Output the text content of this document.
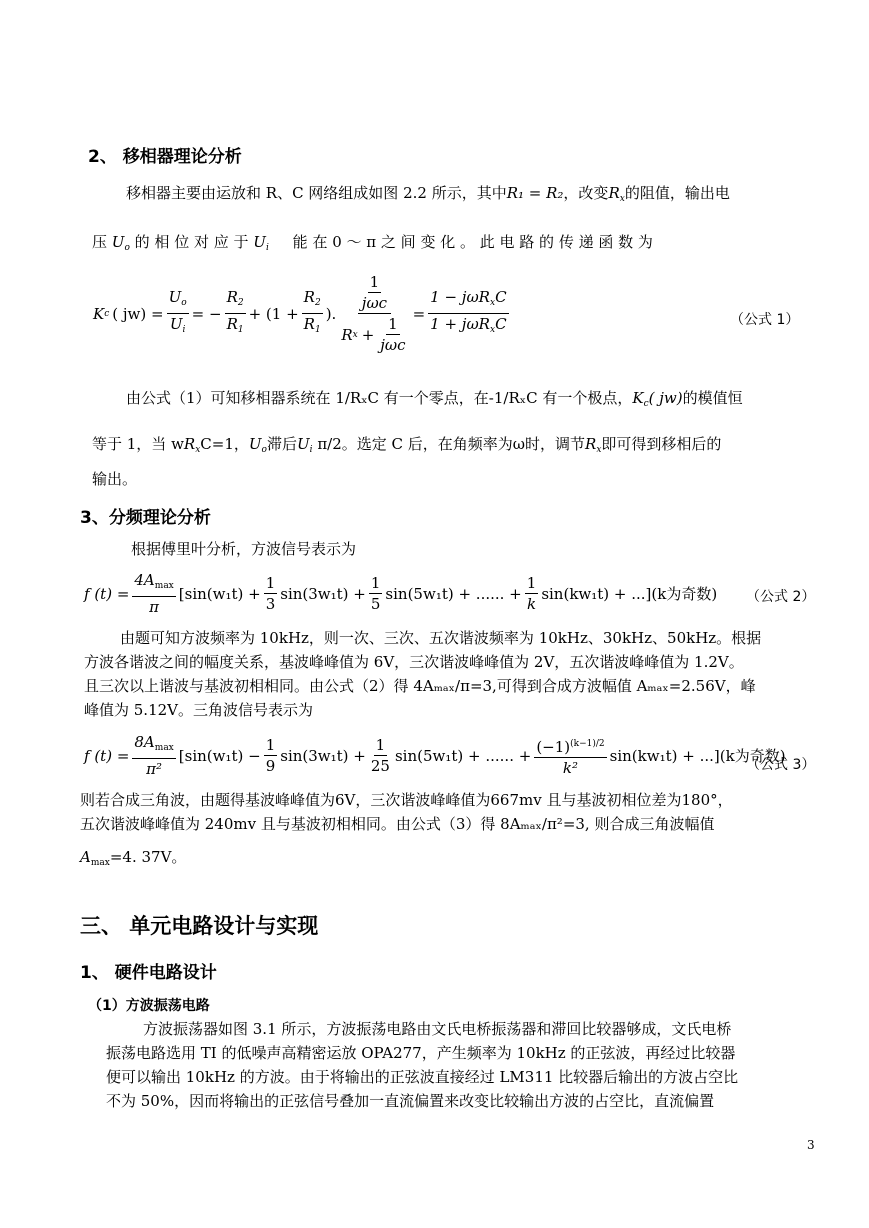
2、 移相器理论分析
移相器主要由运放和 R、C 网络组成如图 2.2 所示，其中R₁ = R₂，改变$R_x$的阻值，输出电
压 $U_o$ 的 相 位 对 应 于 $U_i$ 能 在 0 ～ π 之 间 变 化 。 此 电 路 的 传 递 函 数 为
K c ( $jw) = \frac{U_o}{U_i}$ = − $\frac{R_2}{R_1} + (1 + \frac{R_2}{R_1}$ ). $\frac{\frac{1}{\text{jωc}}}{R x + \frac{1}{\text{jωc}}} = \frac{1 - j\omega R_xC}{1 + j\omega R_xC}$	（公式 1）
由公式（1）可知移相器系统在 1/RₓC 有一个零点，在-1/RₓC 有一个极点，$K_c$( jw)的模值恒
等于 1，当 $wR_xC=1$，$U_o$滞后$U_i$ π/2。选定 C 后，在角频率为ω时，调节$R_x$即可得到移相后的
输出。
3、分频理论分析
根据傅里叶分析，方波信号表示为
f $(t) = \frac{4A_{max}}{\pi} [\sin(w_1t) + \frac{1}{3} \sin(3w_1t) + \frac{1}{5} \sin(5w_1t)$ + ...... + $\frac{1}{k} \sin(kw_1t) + ...](k$为奇数) （公式 2）
由题可知方波频率为 10kHz，则一次、三次、五次谐波频率为 10kHz、30kHz、50kHz。根据
方波各谐波之间的幅度关系，基波峰峰值为 6V，三次谐波峰峰值为 2V，五次谐波峰峰值为 1.2V。
且三次以上谐波与基波初相相同。由公式（2）得 4Aₘₐₓ/π=3,可得到合成方波幅值 Aₘₐₓ=2.56V，峰
峰值为 5.12V。三角波信号表示为
f $(t) = \frac{8A_{max}}{\text{π²}} [\sin(w_1t) - \frac{1}{9} \sin(3w_1t) + \frac{1}{25} \sin(5w_1t)$ + ...... + $\frac{(-1)^{(k-1)/2}}{\text{k²}} \sin(kw_1t) + ...](k$为奇数)
（公式 3）
则若合成三角波，由题得基波峰峰值为6V，三次谐波峰峰值为667mv 且与基波初相位差为180°，
五次谐波峰峰值为 240mv 且与基波初相相同。由公式（3）得 8Aₘₐₓ/π²=3, 则合成三角波幅值
$A_{max}=4$. 37V。
三、 单元电路设计与实现
1、 硬件电路设计
（1）方波振荡电路
方波振荡器如图 3.1 所示，方波振荡电路由文氏电桥振荡器和滞回比较器够成，文氏电桥
振荡电路选用 TI 的低噪声高精密运放 OPA277，产生频率为 10kHz 的正弦波，再经过比较器
便可以输出 10kHz 的方波。由于将输出的正弦波直接经过 LM311 比较器后输出的方波占空比
不为 50%，因而将输出的正弦信号叠加一直流偏置来改变比较输出方波的占空比，直流偏置
3
